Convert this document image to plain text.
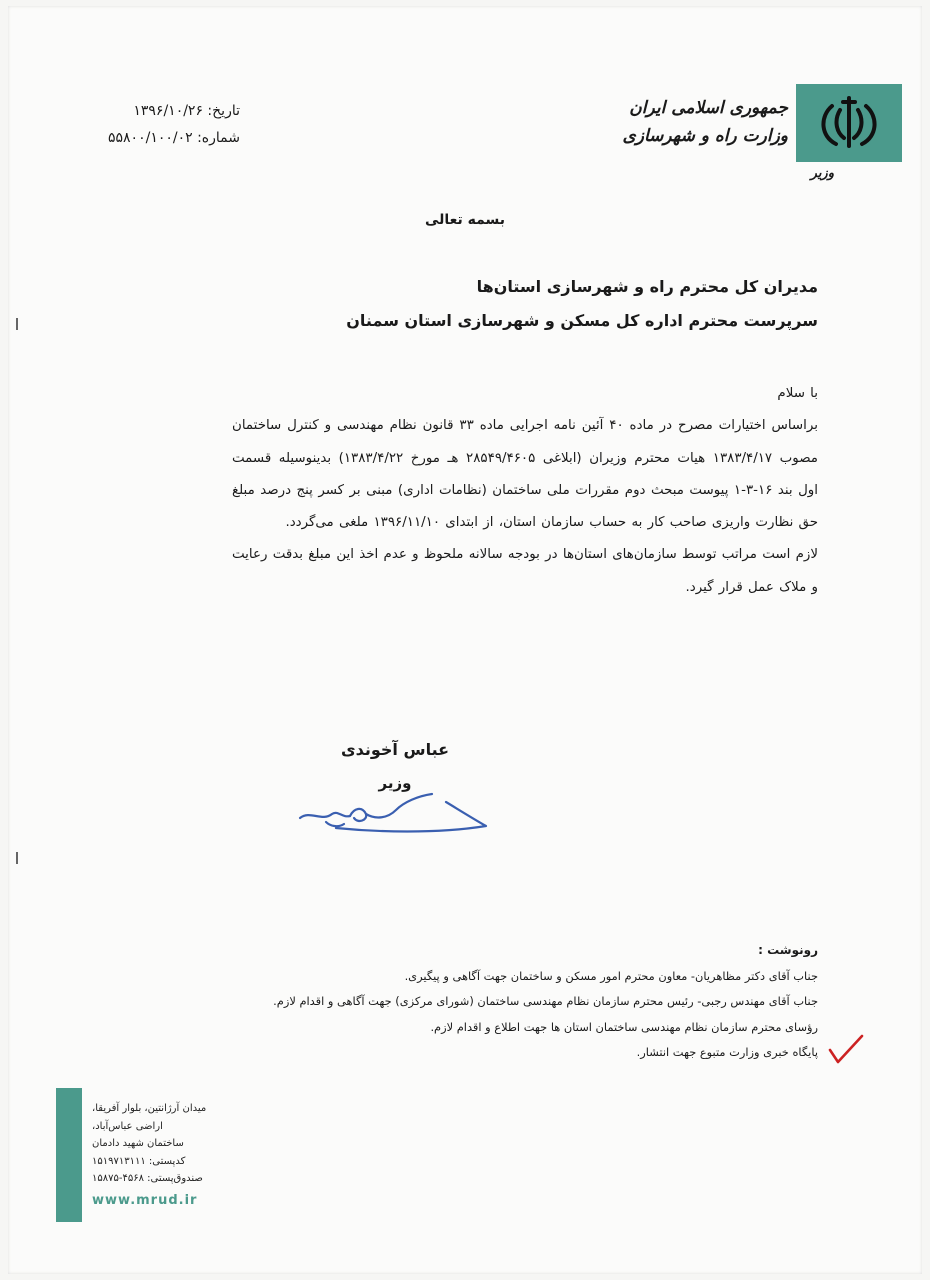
جمهوری اسلامی ایران
وزارت راه و شهرسازی
وزیر
تاریخ: ۱۳۹۶/۱۰/۲۶
شماره: ۵۵۸۰۰/۱۰۰/۰۲
بسمه تعالی
مدیران کل محترم راه و شهرسازی استان‌ها
سرپرست محترم اداره کل مسکن و شهرسازی استان سمنان

با سلام

براساس اختیارات مصرح در ماده ۴۰ آئین نامه اجرایی ماده ۳۳ قانون نظام مهندسی و کنترل ساختمان مصوب ۱۳۸۳/۴/۱۷ هیات محترم وزیران (ابلاغی ۲۸۵۴۹/۴۶۰۵ هـ مورخ ۱۳۸۳/۴/۲۲) بدینوسیله قسمت اول بند ۱۶-۳-۱ پیوست مبحث دوم مقررات ملی ساختمان (نظامات اداری) مبنی بر کسر پنج درصد مبلغ حق نظارت واریزی صاحب کار به حساب سازمان استان، از ابتدای ۱۳۹۶/۱۱/۱۰ ملغی می‌گردد.

لازم است مراتب توسط سازمان‌های استان‌ها در بودجه سالانه ملحوظ و عدم اخذ این مبلغ بدقت رعایت و ملاک عمل قرار گیرد.

عباس آخوندی
وزیر
رونوشت :
جناب آقای دکتر مظاهریان- معاون محترم امور مسکن و ساختمان جهت آگاهی و پیگیری.
جناب آقای مهندس رجبی- رئیس محترم سازمان نظام مهندسی ساختمان (شورای مرکزی) جهت آگاهی و اقدام لازم.
رؤسای محترم سازمان نظام مهندسی ساختمان استان ها جهت اطلاع و اقدام لازم.
پایگاه خبری وزارت متبوع جهت انتشار.
میدان آرژانتین، بلوار آفریقا،
اراضی عباس‌آباد،
ساختمان شهید دادمان
کدپستی: ۱۵۱۹۷۱۳۱۱۱
صندوق‌پستی: ۴۵۶۸-۱۵۸۷۵
www.mrud.ir
